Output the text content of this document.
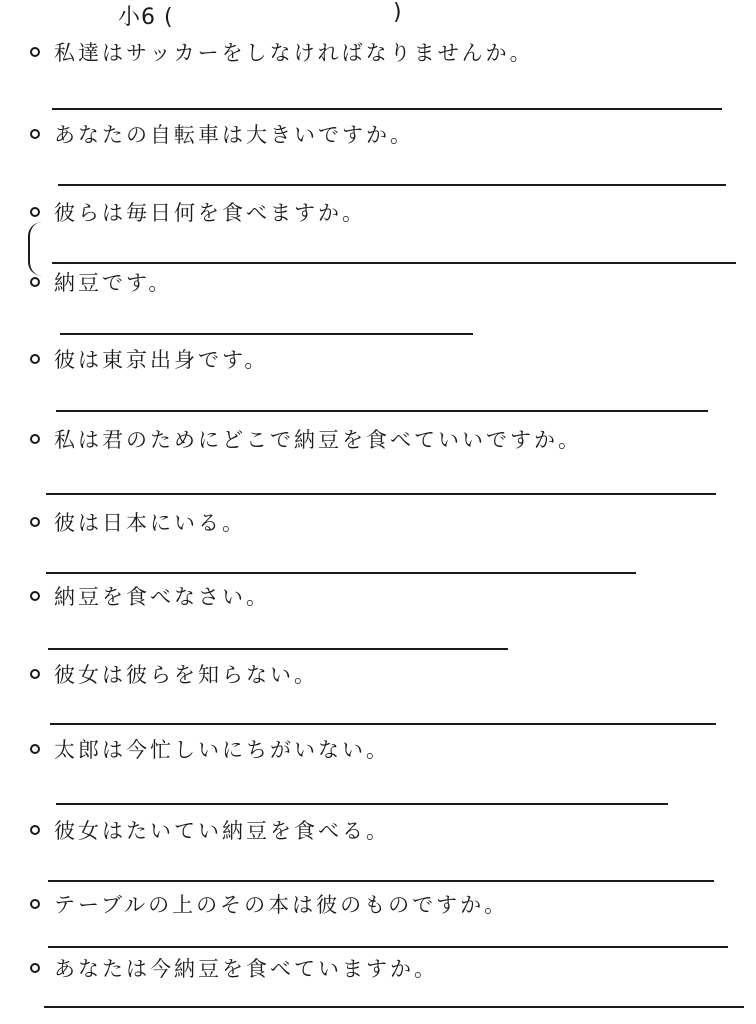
小6 (	)
私達はサッカーをしなければなりませんか。
あなたの自転車は大きいですか。
彼らは毎日何を食べますか。
納豆です。
彼は東京出身です。
私は君のためにどこで納豆を食べていいですか。
彼は日本にいる。
納豆を食べなさい。
彼女は彼らを知らない。
太郎は今忙しいにちがいない。
彼女はたいてい納豆を食べる。
テーブルの上のその本は彼のものですか。
あなたは今納豆を食べていますか。
